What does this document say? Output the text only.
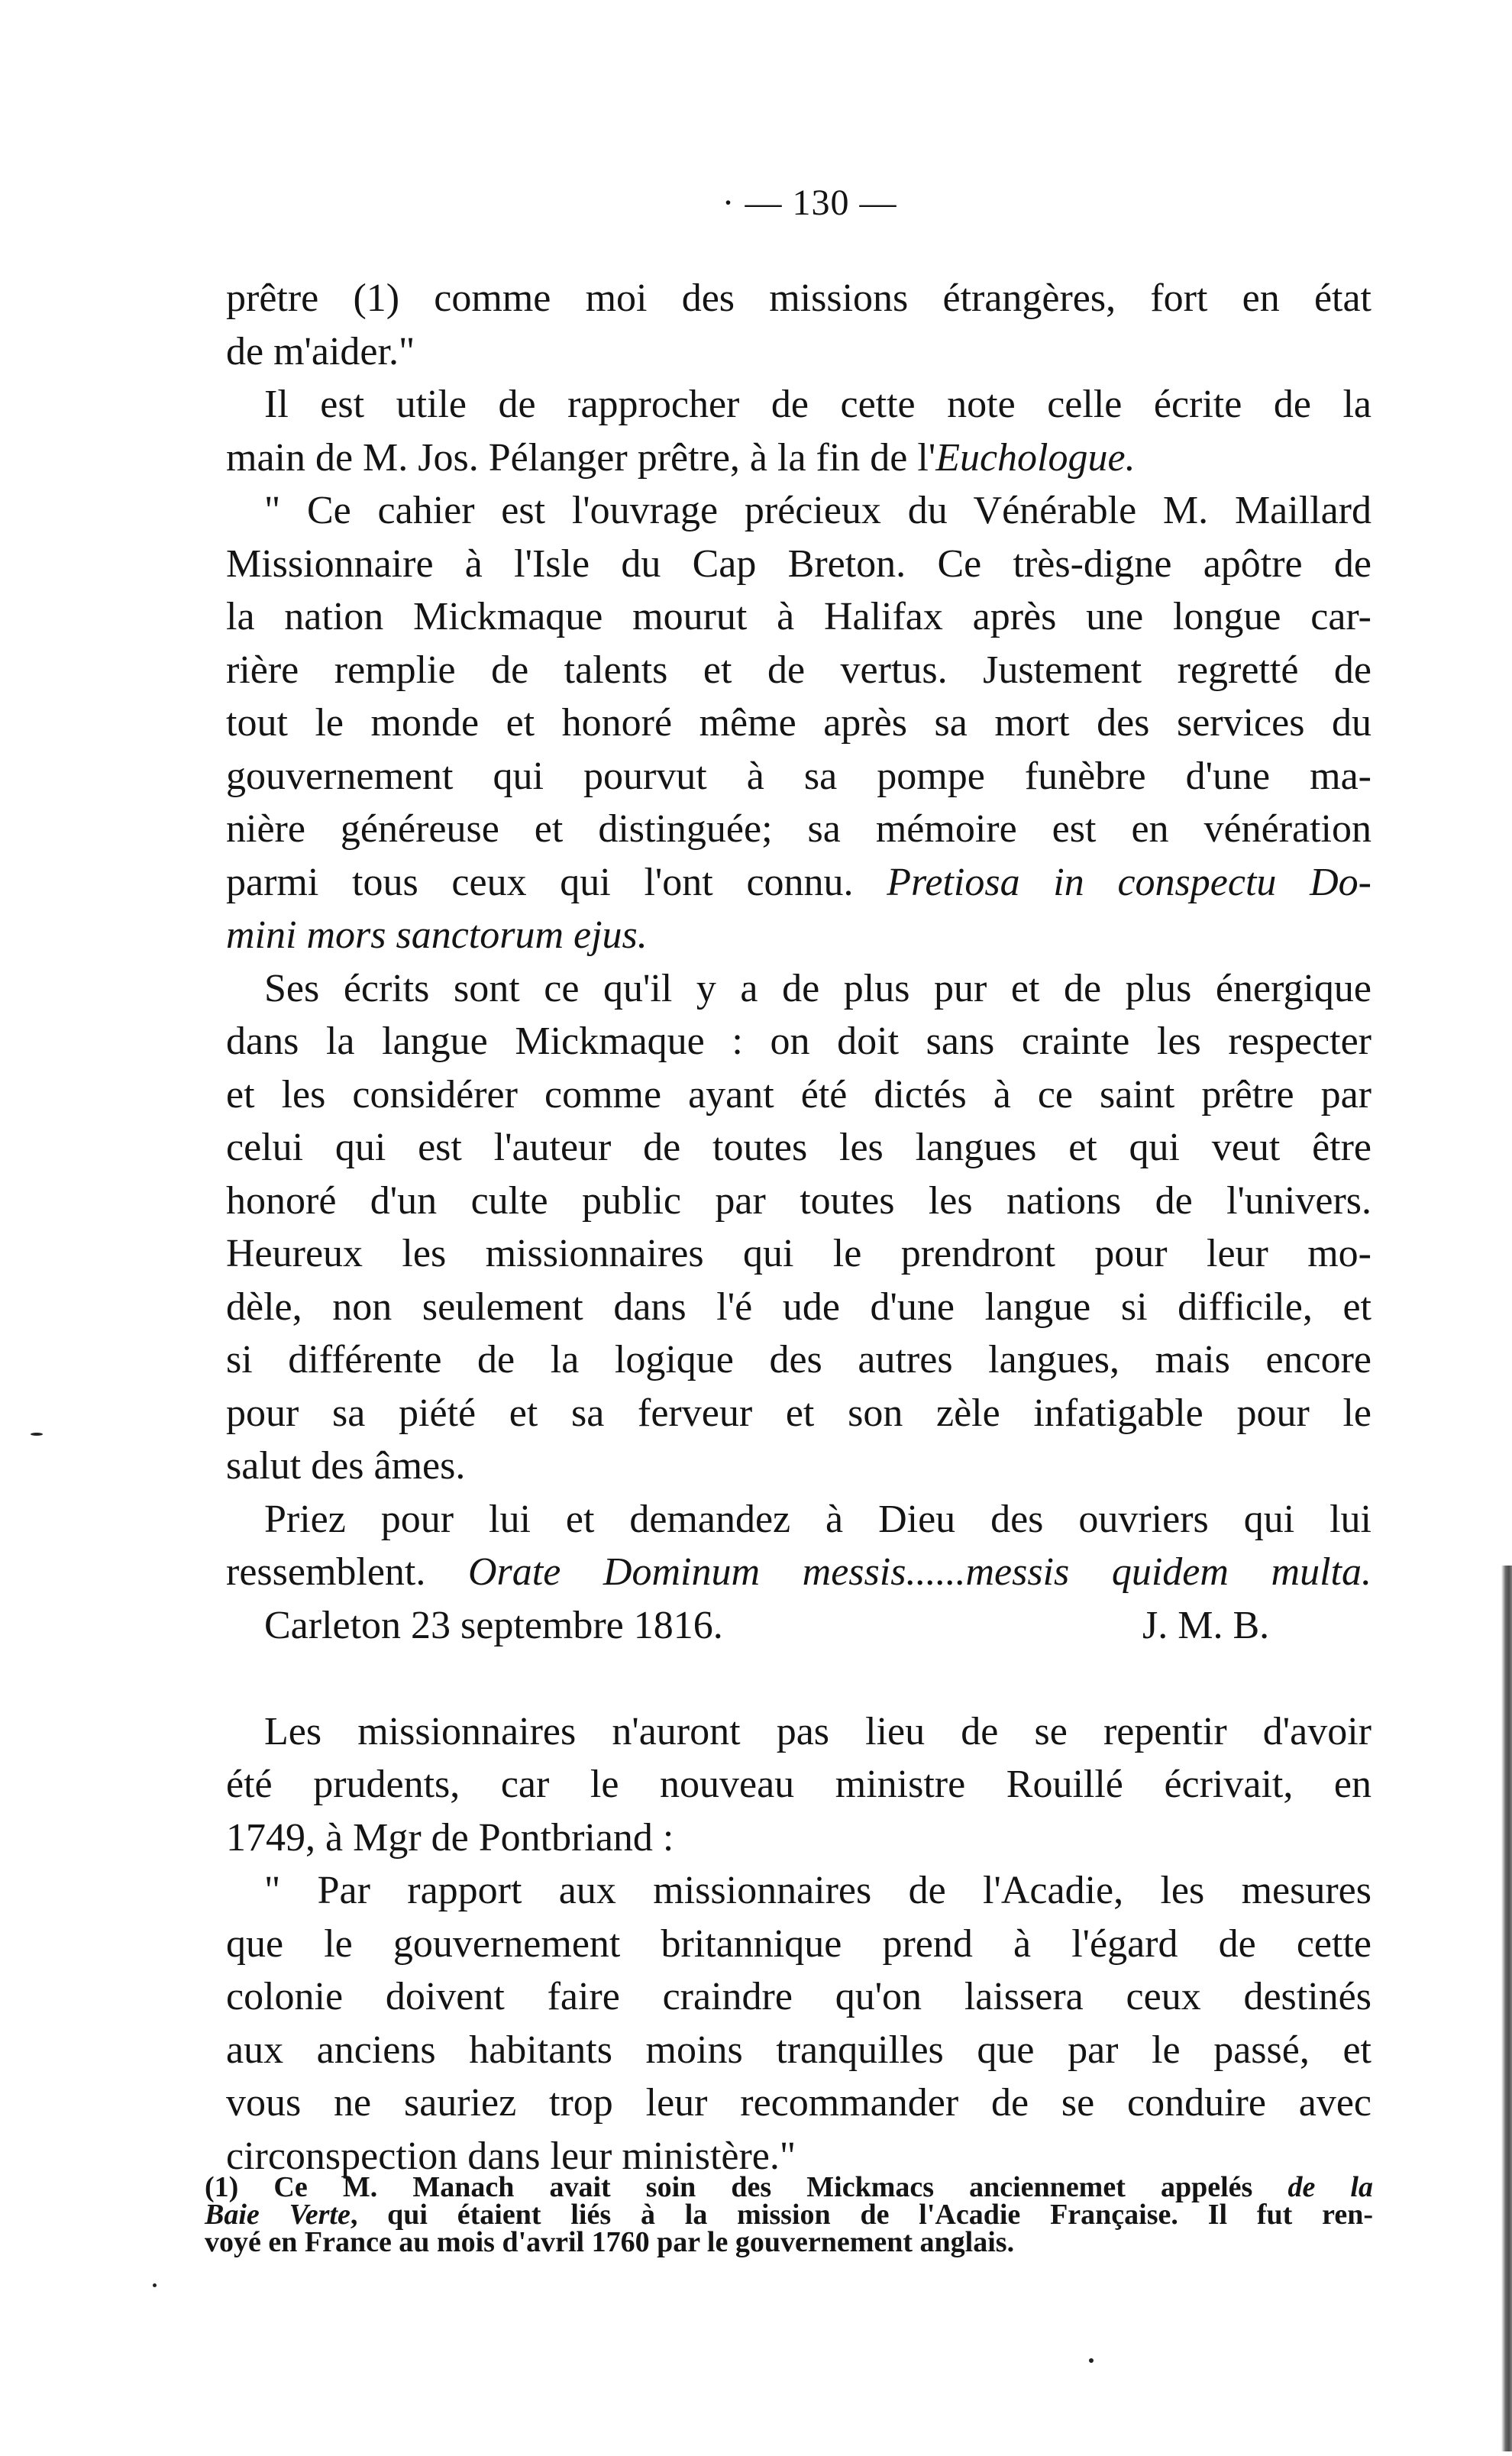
· — 130 —
prêtre (1) comme moi des missions étrangères, fort en état
de m'aider."
Il est utile de rapprocher de cette note celle écrite de la
main de M. Jos. Pélanger prêtre, à la fin de l'Euchologue.
" Ce cahier est l'ouvrage précieux du Vénérable M. Maillard
Missionnaire à l'Isle du Cap Breton. Ce très-digne apôtre de
la nation Mickmaque mourut à Halifax après une longue car-
rière remplie de talents et de vertus. Justement regretté de
tout le monde et honoré même après sa mort des services du
gouvernement qui pourvut à sa pompe funèbre d'une ma-
nière généreuse et distinguée; sa mémoire est en vénération
parmi tous ceux qui l'ont connu. Pretiosa in conspectu Do-
mini mors sanctorum ejus.
Ses écrits sont ce qu'il y a de plus pur et de plus énergique
dans la langue Mickmaque : on doit sans crainte les respecter
et les considérer comme ayant été dictés à ce saint prêtre par
celui qui est l'auteur de toutes les langues et qui veut être
honoré d'un culte public par toutes les nations de l'univers.
Heureux les missionnaires qui le prendront pour leur mo-
dèle, non seulement dans l'é ude d'une langue si difficile, et
si différente de la logique des autres langues, mais encore
pour sa piété et sa ferveur et son zèle infatigable pour le
salut des âmes.
Priez pour lui et demandez à Dieu des ouvriers qui lui
ressemblent. Orate Dominum messis......messis quidem multa.
Carleton 23 septembre 1816.	J. M. B.
Les missionnaires n'auront pas lieu de se repentir d'avoir
été prudents, car le nouveau ministre Rouillé écrivait, en
1749, à Mgr de Pontbriand :
" Par rapport aux missionnaires de l'Acadie, les mesures
que le gouvernement britannique prend à l'égard de cette
colonie doivent faire craindre qu'on laissera ceux destinés
aux anciens habitants moins tranquilles que par le passé, et
vous ne sauriez trop leur recommander de se conduire avec
circonspection dans leur ministère."
(1) Ce M. Manach avait soin des Mickmacs anciennemet appelés de la
Baie Verte, qui étaient liés à la mission de l'Acadie Française. Il fut ren-
voyé en France au mois d'avril 1760 par le gouvernement anglais.
